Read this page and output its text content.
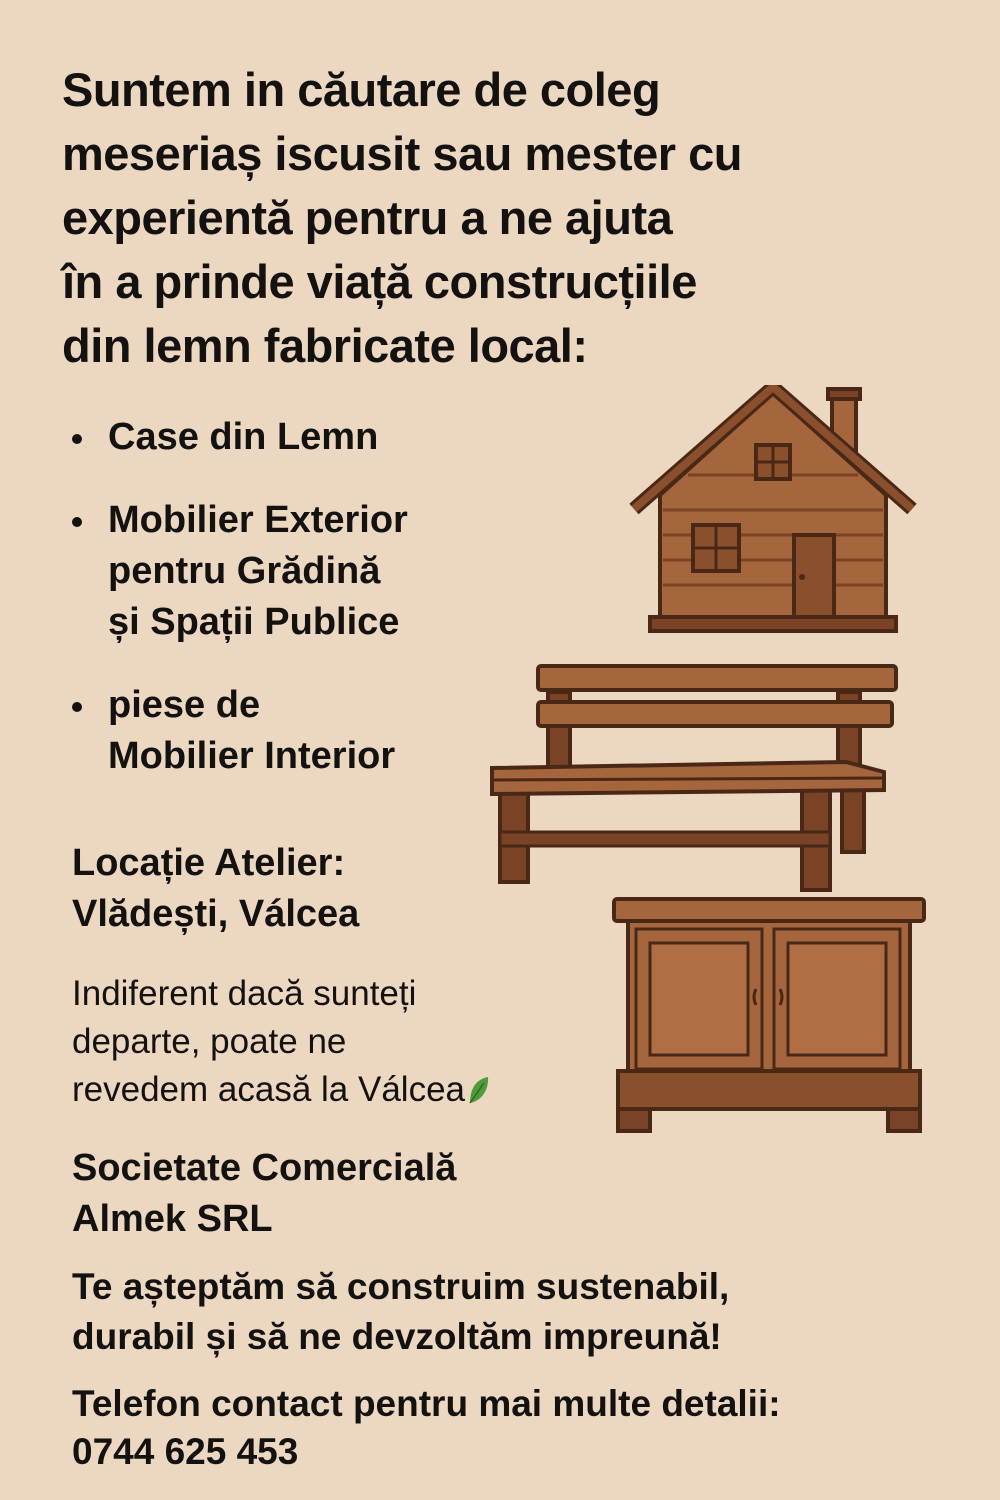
Suntem in căutare de coleg
meseriaș iscusit sau mester cu
experientă pentru a ne ajuta
în a prinde viață construcțiile
din lemn fabricate local:
Case din Lemn
Mobilier Exterior
pentru Grădină
și Spații Publice
piese de
Mobilier Interior
Locație Atelier:
Vlădești, Válcea
Indiferent dacă sunteți
departe, poate ne
revedem acasă la Válcea
Societate Comercială
Almek SRL
Te așteptăm să construim sustenabil,
durabil și să ne devzoltăm impreună!
Telefon contact pentru mai multe detalii:
0744 625 453
